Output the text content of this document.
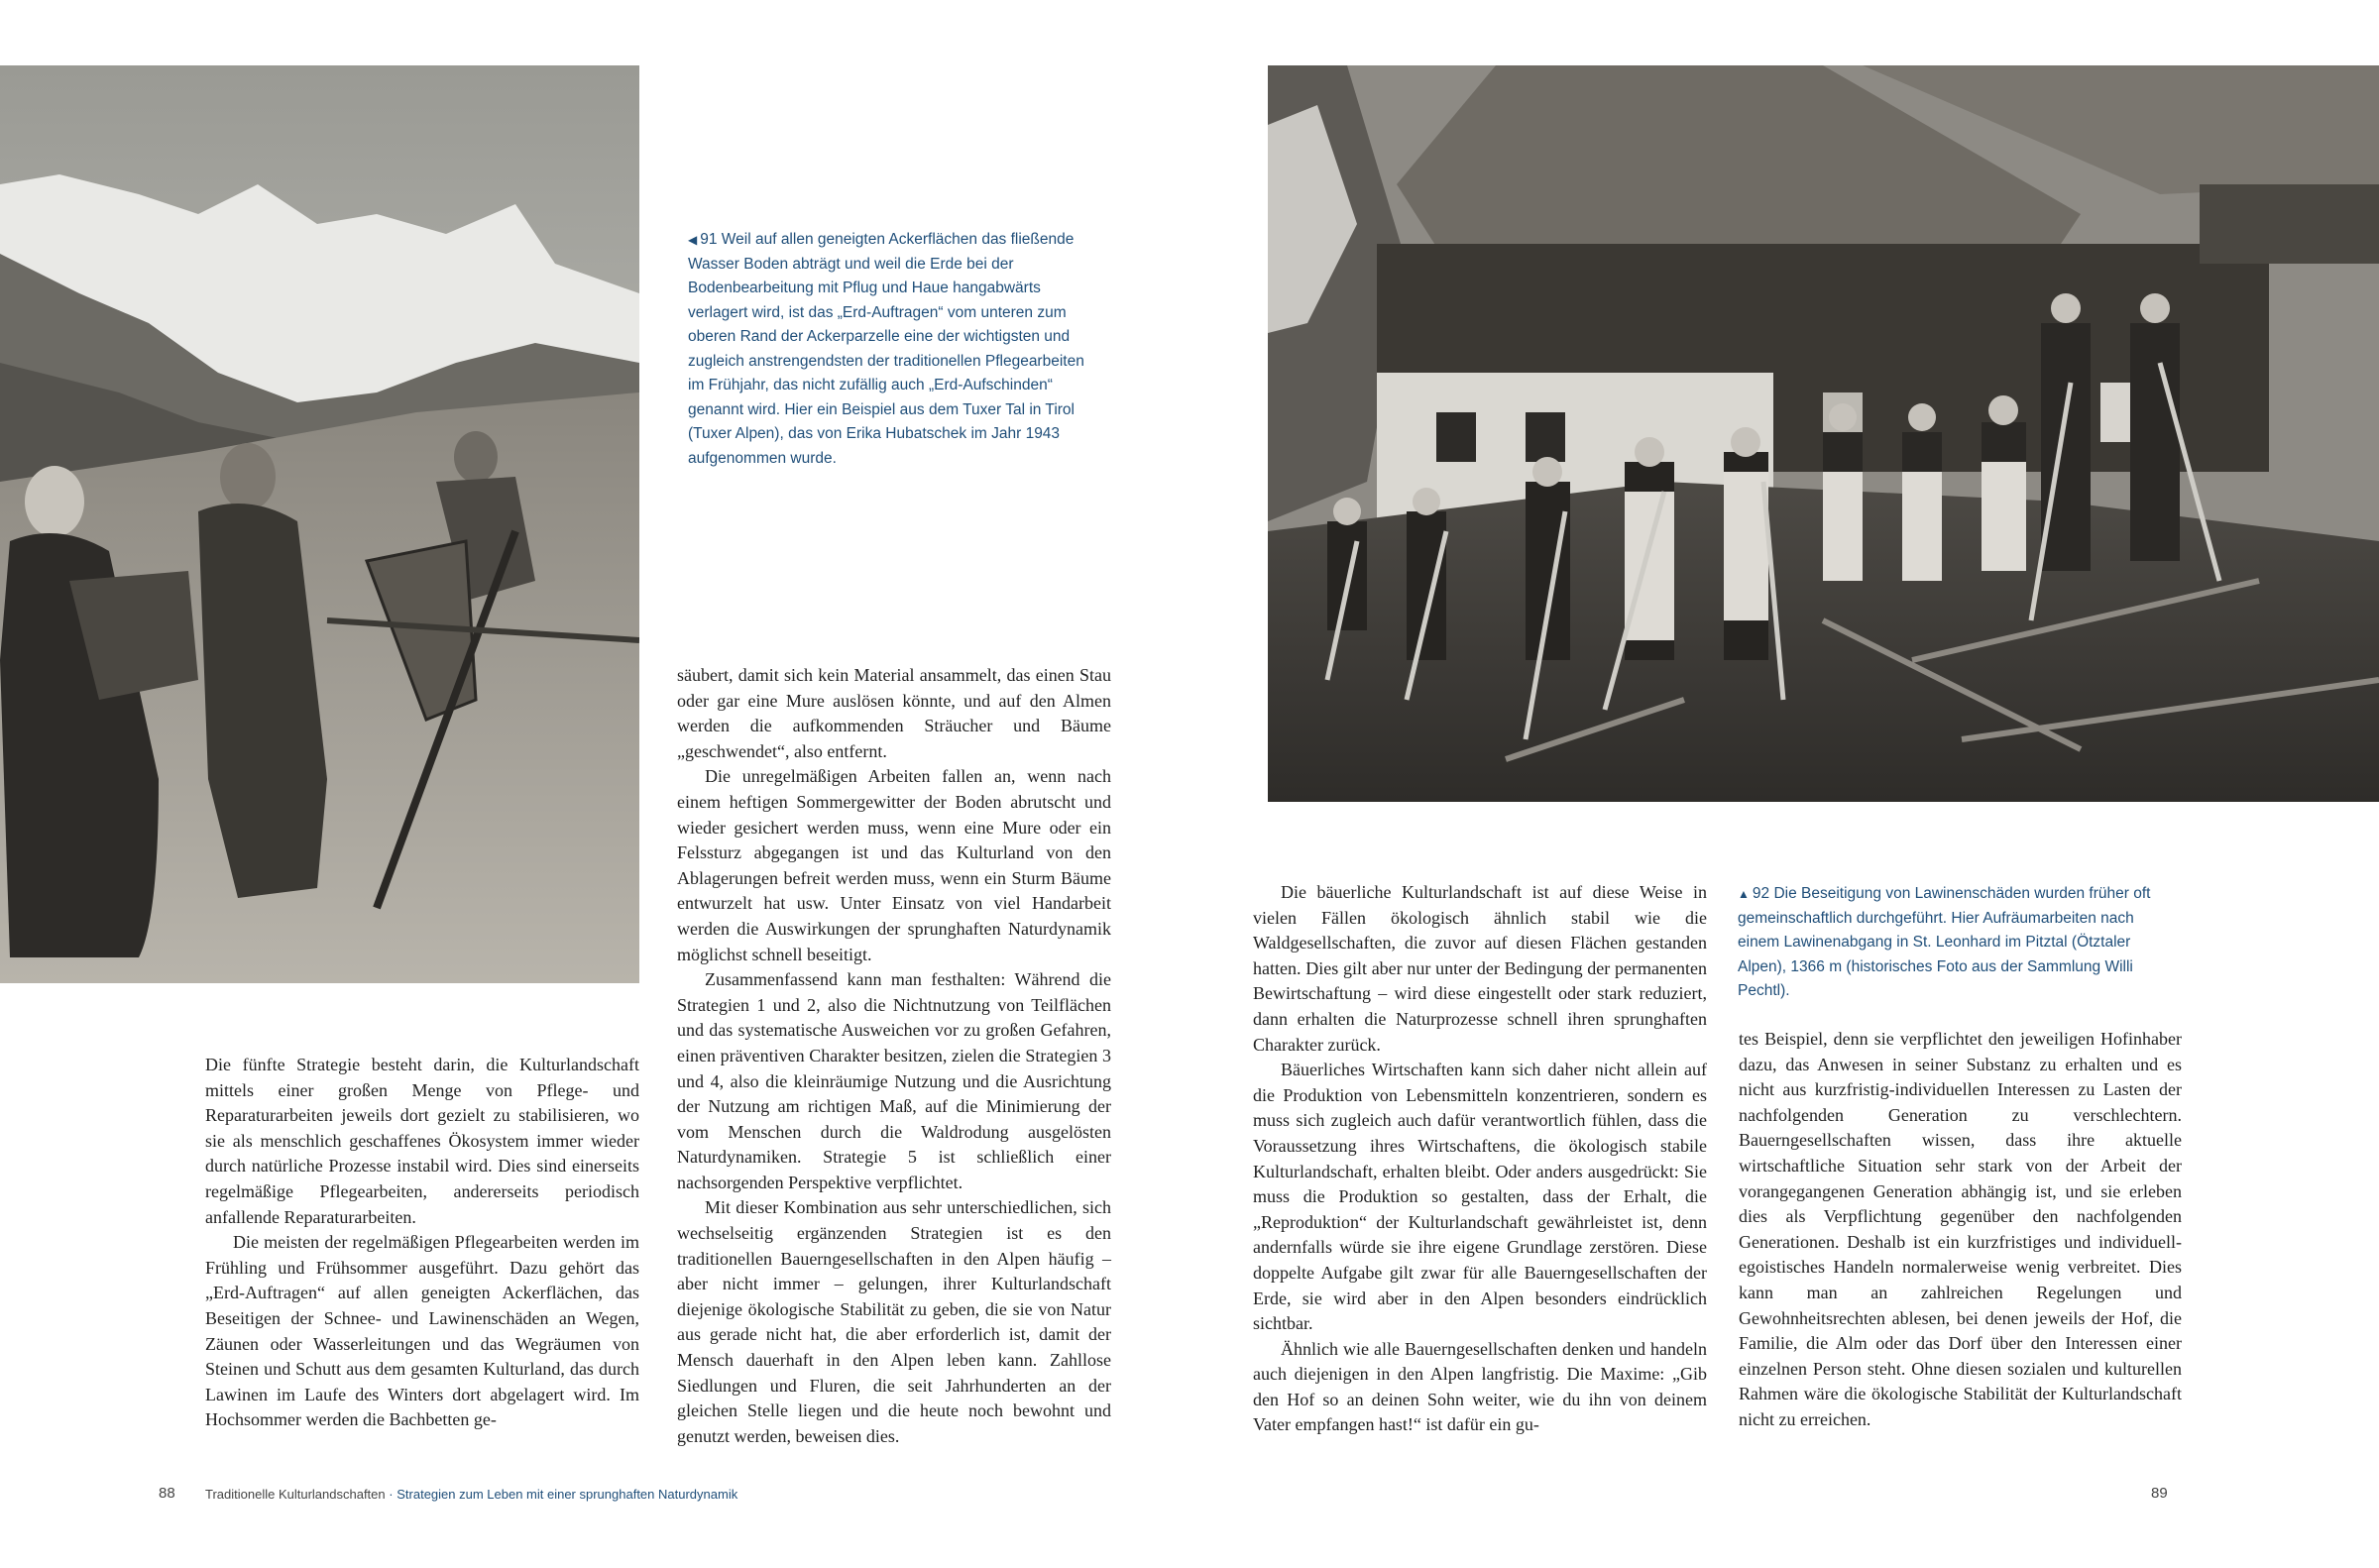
◀ 91 Weil auf allen geneigten Ackerflächen das fließende Wasser Boden abträgt und weil die Erde bei der Bodenbearbeitung mit Pflug und Haue hangabwärts verlagert wird, ist das „Erd-Auftragen“ vom unteren zum oberen Rand der Ackerparzelle eine der wichtigsten und zugleich anstrengendsten der traditionellen Pflegearbeiten im Frühjahr, das nicht zufällig auch „Erd-Aufschinden“ genannt wird. Hier ein Beispiel aus dem Tuxer Tal in Tirol (Tuxer Alpen), das von Erika Hubatschek im Jahr 1943 aufgenommen wurde.

Die fünfte Strategie besteht darin, die Kulturlandschaft mittels einer großen Menge von Pflege- und Reparaturarbeiten jeweils dort gezielt zu stabilisieren, wo sie als menschlich geschaffenes Ökosystem immer wieder durch natürliche Prozesse instabil wird. Dies sind einerseits regelmäßige Pflegearbeiten, andererseits periodisch anfallende Reparaturarbeiten.

Die meisten der regelmäßigen Pflegearbeiten werden im Frühling und Frühsommer ausgeführt. Dazu gehört das „Erd-Auftragen“ auf allen geneigten Ackerflächen, das Beseitigen der Schnee- und Lawinenschäden an Wegen, Zäunen oder Wasserleitungen und das Wegräumen von Steinen und Schutt aus dem gesamten Kulturland, das durch Lawinen im Laufe des Winters dort abgelagert wird. Im Hochsommer werden die Bachbetten ge-

säubert, damit sich kein Material ansammelt, das einen Stau oder gar eine Mure auslösen könnte, und auf den Almen werden die aufkommenden Sträucher und Bäume „geschwendet“, also entfernt.

Die unregelmäßigen Arbeiten fallen an, wenn nach einem heftigen Sommergewitter der Boden abrutscht und wieder gesichert werden muss, wenn eine Mure oder ein Felssturz abgegangen ist und das Kulturland von den Ablagerungen befreit werden muss, wenn ein Sturm Bäume entwurzelt hat usw. Unter Einsatz von viel Handarbeit werden die Auswirkungen der sprunghaften Naturdynamik möglichst schnell beseitigt.

Zusammenfassend kann man festhalten: Während die Strategien 1 und 2, also die Nichtnutzung von Teilflächen und das systematische Ausweichen vor zu großen Gefahren, einen präventiven Charakter besitzen, zielen die Strategien 3 und 4, also die kleinräumige Nutzung und die Ausrichtung der Nutzung am richtigen Maß, auf die Minimierung der vom Menschen durch die Waldrodung ausgelösten Naturdynamiken. Strategie 5 ist schließlich einer nachsorgenden Perspektive verpflichtet.

Mit dieser Kombination aus sehr unterschiedlichen, sich wechselseitig ergänzenden Strategien ist es den traditionellen Bauerngesellschaften in den Alpen häufig – aber nicht immer – gelungen, ihrer Kulturlandschaft diejenige ökologische Stabilität zu geben, die sie von Natur aus gerade nicht hat, die aber erforderlich ist, damit der Mensch dauerhaft in den Alpen leben kann. Zahllose Siedlungen und Fluren, die seit Jahrhunderten an der gleichen Stelle liegen und die heute noch bewohnt und genutzt werden, beweisen dies.

▲ 92 Die Beseitigung von Lawinenschäden wurden früher oft gemeinschaftlich durchgeführt. Hier Aufräumarbeiten nach einem Lawinenabgang in St. Leonhard im Pitztal (Ötztaler Alpen), 1366 m (historisches Foto aus der Sammlung Willi Pechtl).

Die bäuerliche Kulturlandschaft ist auf diese Weise in vielen Fällen ökologisch ähnlich stabil wie die Waldgesellschaften, die zuvor auf diesen Flächen gestanden hatten. Dies gilt aber nur unter der Bedingung der permanenten Bewirtschaftung – wird diese eingestellt oder stark reduziert, dann erhalten die Naturprozesse schnell ihren sprunghaften Charakter zurück.

Bäuerliches Wirtschaften kann sich daher nicht allein auf die Produktion von Lebensmitteln konzentrieren, sondern es muss sich zugleich auch dafür verantwortlich fühlen, dass die Voraussetzung ihres Wirtschaftens, die ökologisch stabile Kulturlandschaft, erhalten bleibt. Oder anders ausgedrückt: Sie muss die Produktion so gestalten, dass der Erhalt, die „Reproduktion“ der Kulturlandschaft gewährleistet ist, denn andernfalls würde sie ihre eigene Grundlage zerstören. Diese doppelte Aufgabe gilt zwar für alle Bauerngesellschaften der Erde, sie wird aber in den Alpen besonders eindrücklich sichtbar.

Ähnlich wie alle Bauerngesellschaften denken und handeln auch diejenigen in den Alpen langfristig. Die Maxime: „Gib den Hof so an deinen Sohn weiter, wie du ihn von deinem Vater empfangen hast!“ ist dafür ein gu-

tes Beispiel, denn sie verpflichtet den jeweiligen Hofinhaber dazu, das Anwesen in seiner Substanz zu erhalten und es nicht aus kurzfristig-individuellen Interessen zu Lasten der nachfolgenden Generation zu verschlechtern. Bauerngesellschaften wissen, dass ihre aktuelle wirtschaftliche Situation sehr stark von der Arbeit der vorangegangenen Generation abhängig ist, und sie erleben dies als Verpflichtung gegenüber den nachfolgenden Generationen. Deshalb ist ein kurzfristiges und individuell-egoistisches Handeln normalerweise wenig verbreitet. Dies kann man an zahlreichen Regelungen und Gewohnheitsrechten ablesen, bei denen jeweils der Hof, die Familie, die Alm oder das Dorf über den Interessen einer einzelnen Person steht. Ohne diesen sozialen und kulturellen Rahmen wäre die ökologische Stabilität der Kulturlandschaft nicht zu erreichen.

88 Traditionelle Kulturlandschaften · Strategien zum Leben mit einer sprunghaften Naturdynamik	89
